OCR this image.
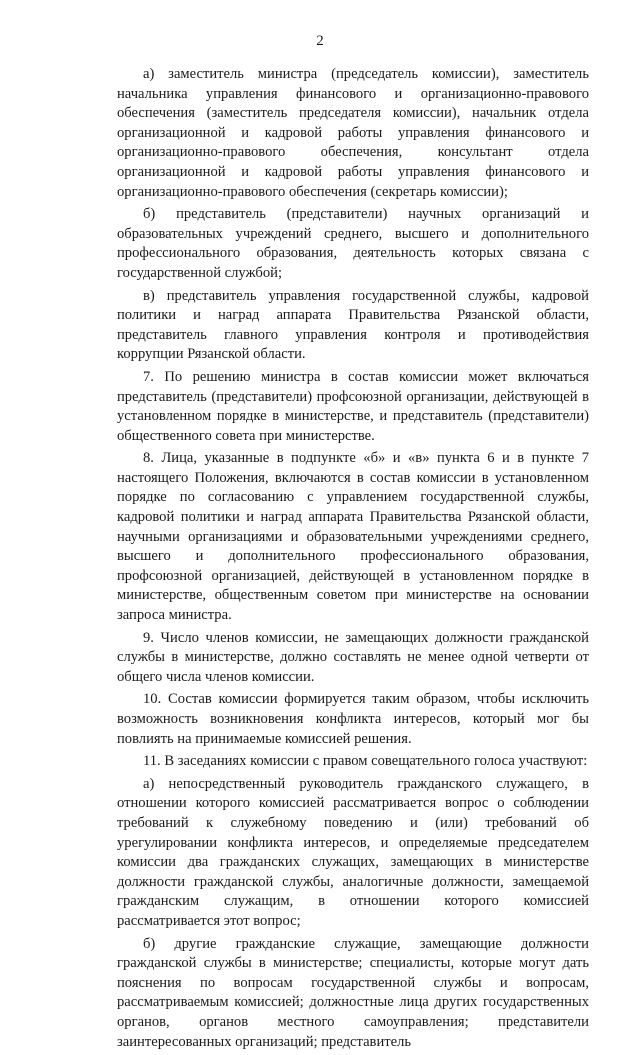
2

а) заместитель министра (председатель комиссии), заместитель начальника управления финансового и организационно-правового обеспечения (заместитель председателя комиссии), начальник отдела организационной и кадровой работы управления финансового и организационно-правового обеспечения, консультант отдела организационной и кадровой работы управления финансового и организационно-правового обеспечения (секретарь комиссии);

б) представитель (представители) научных организаций и образовательных учреждений среднего, высшего и дополнительного профессионального образования, деятельность которых связана с государственной службой;

в) представитель управления государственной службы, кадровой политики и наград аппарата Правительства Рязанской области, представитель главного управления контроля и противодействия коррупции Рязанской области.

7. По решению министра в состав комиссии может включаться представитель (представители) профсоюзной организации, действующей в установленном порядке в министерстве, и представитель (представители) общественного совета при министерстве.

8. Лица, указанные в подпункте «б» и «в» пункта 6 и в пункте 7 настоящего Положения, включаются в состав комиссии в установленном порядке по согласованию с управлением государственной службы, кадровой политики и наград аппарата Правительства Рязанской области, научными организациями и образовательными учреждениями среднего, высшего и дополнительного профессионального образования, профсоюзной организацией, действующей в установленном порядке в министерстве, общественным советом при министерстве на основании запроса министра.

9. Число членов комиссии, не замещающих должности гражданской службы в министерстве, должно составлять не менее одной четверти от общего числа членов комиссии.

10. Состав комиссии формируется таким образом, чтобы исключить возможность возникновения конфликта интересов, который мог бы повлиять на принимаемые комиссией решения.

11. В заседаниях комиссии с правом совещательного голоса участвуют:

а) непосредственный руководитель гражданского служащего, в отношении которого комиссией рассматривается вопрос о соблюдении требований к служебному поведению и (или) требований об урегулировании конфликта интересов, и определяемые председателем комиссии два гражданских служащих, замещающих в министерстве должности гражданской службы, аналогичные должности, замещаемой гражданским служащим, в отношении которого комиссией рассматривается этот вопрос;

б) другие гражданские служащие, замещающие должности гражданской службы в министерстве; специалисты, которые могут дать пояснения по вопросам государственной службы и вопросам, рассматриваемым комиссией; должностные лица других государственных органов, органов местного самоуправления; представители заинтересованных организаций; представитель
